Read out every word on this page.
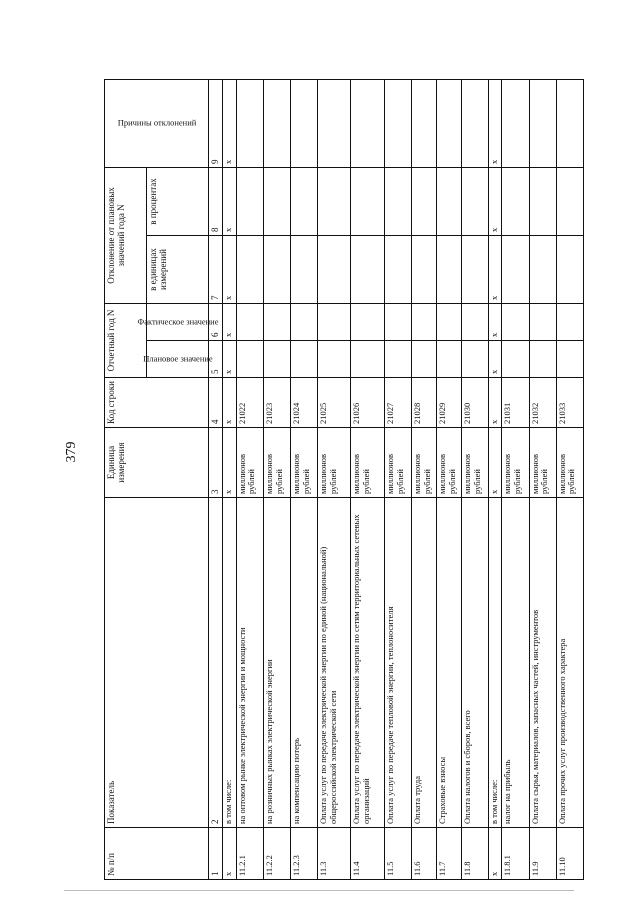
379
№ п/п	Показатель	Единица измерения	Код строки	Отчетный год N		Отклонение от плановых значений года N		Причины отклонений

				Плановое значение	Фактическое значение	в единицах измерений	в процентах	

1	2	3	4	5	6	7	8	9
х	в том числе:	х	х	х	х	х	х	х
11.2.1	на оптовом рынке электрической энергии и мощности	миллионов рублей	21022					
11.2.2	на розничных рынках электрической энергии	миллионов рублей	21023					
11.2.3	на компенсацию потерь	миллионов рублей	21024					
11.3	Оплата услуг по передаче электрической энергии по единой (национальной) общероссийской электрической сети	миллионов рублей	21025					
11.4	Оплата услуг по передаче электрической энергии по сетям территориальных сетевых организаций	миллионов рублей	21026					
11.5	Оплата услуг по передаче тепловой энергии, теплоносителя	миллионов рублей	21027					
11.6	Оплата труда	миллионов рублей	21028					
11.7	Страховые взносы	миллионов рублей	21029					
11.8	Оплата налогов и сборов, всего	миллионов рублей	21030					
х	в том числе:	х	х	х	х	х	х	х
11.8.1	налог на прибыль	миллионов рублей	21031					
11.9	Оплата сырья, материалов, запасных частей, инструментов	миллионов рублей	21032					
11.10	Оплата прочих услуг производственного характера	миллионов рублей	21033					
